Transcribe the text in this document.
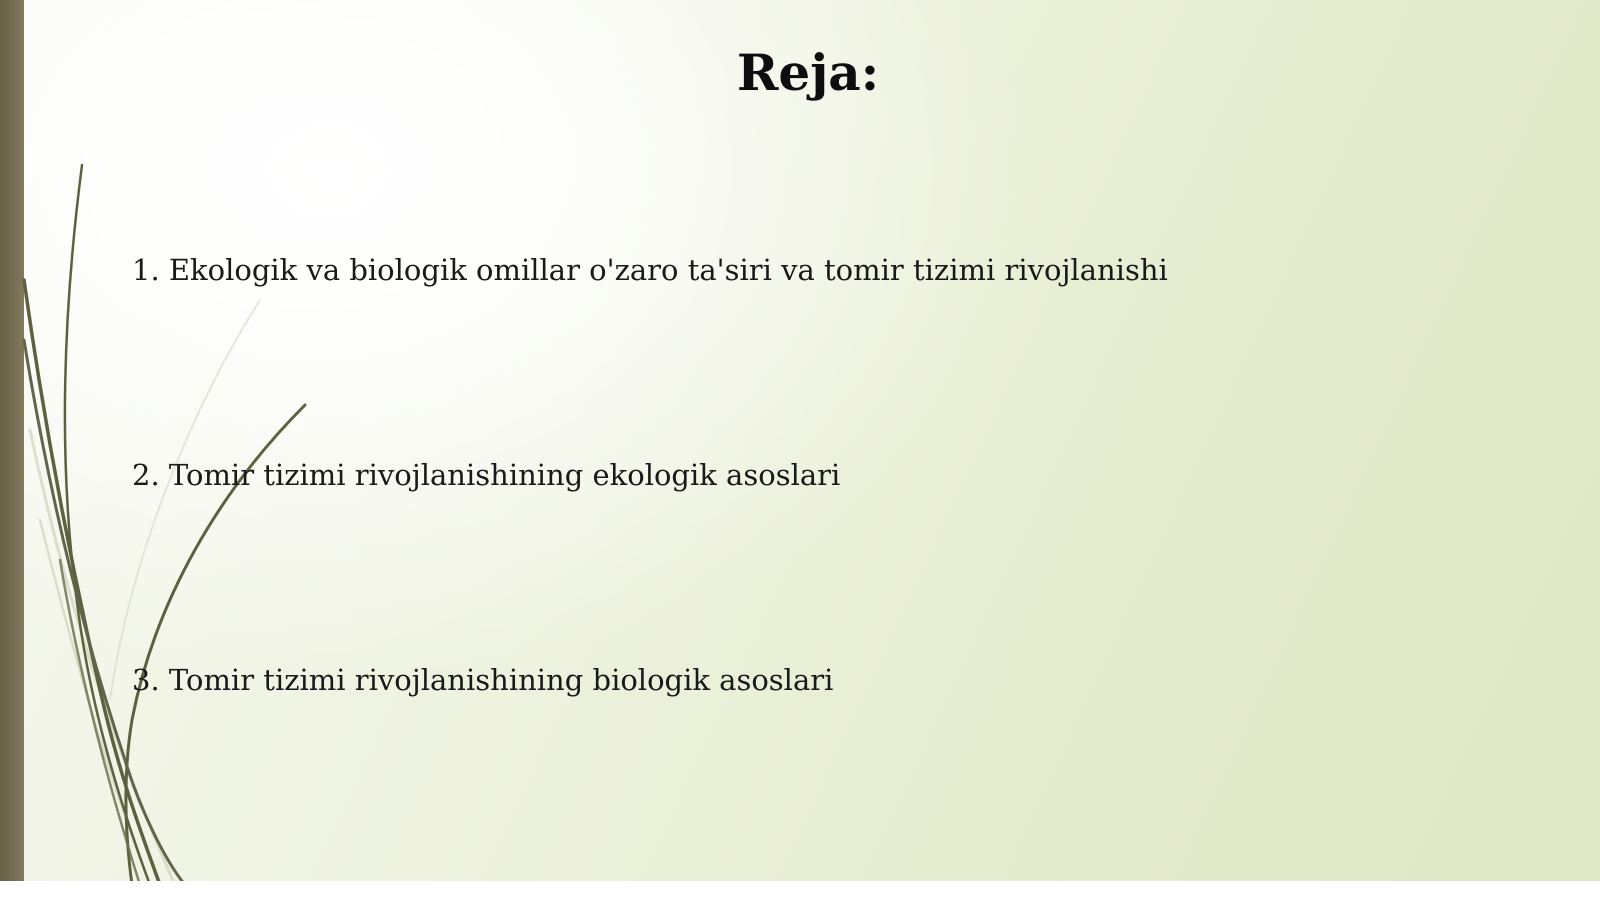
Reja:
1. Ekologik va biologik omillar o'zaro ta'siri va tomir tizimi rivojlanishi
2. Tomir tizimi rivojlanishining ekologik asoslari
3. Tomir tizimi rivojlanishining biologik asoslari
